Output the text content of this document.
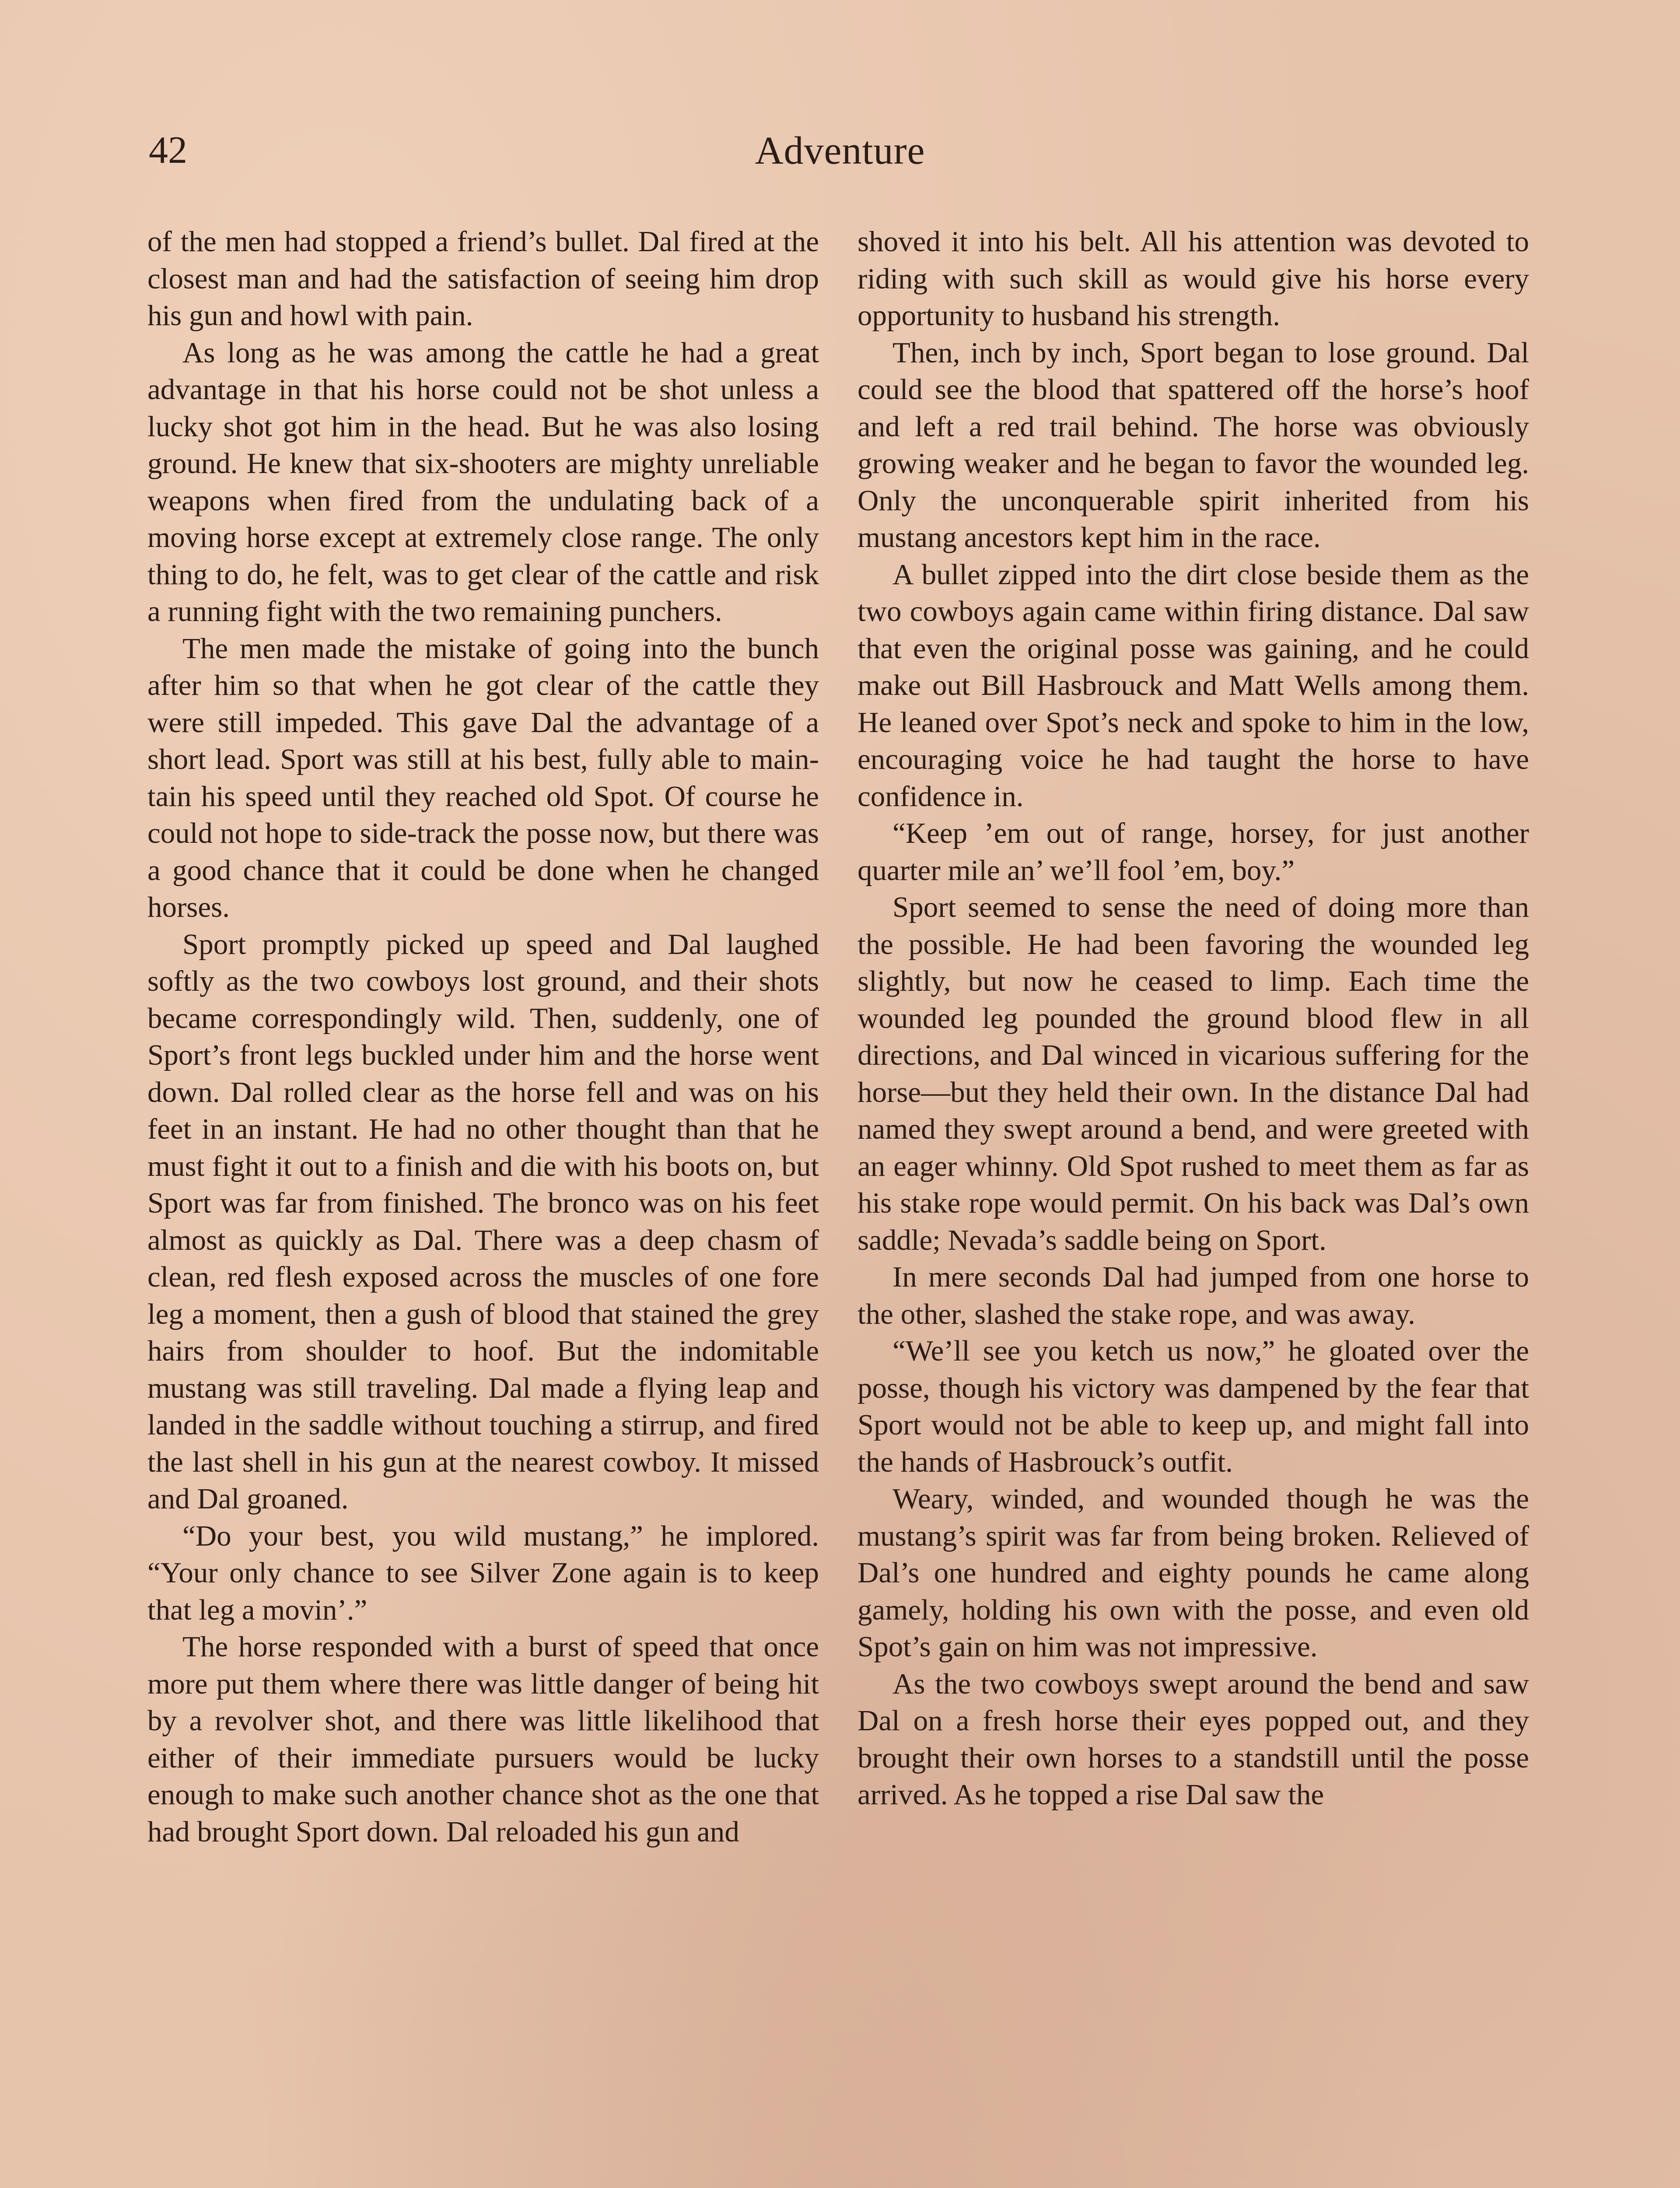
42	Adventure

of the men had stopped a friend’s bullet. Dal fired at the closest man and had the satisfaction of seeing him drop his gun and howl with pain.

As long as he was among the cattle he had a great advantage in that his horse could not be shot unless a lucky shot got him in the head. But he was also losing ground. He knew that six-shooters are mighty unreliable weapons when fired from the undulating back of a moving horse except at extremely close range. The only thing to do, he felt, was to get clear of the cattle and risk a running fight with the two remaining punchers.

The men made the mistake of going into the bunch after him so that when he got clear of the cattle they were still impeded. This gave Dal the advantage of a short lead. Sport was still at his best, fully able to maintain his speed until they reached old Spot. Of course he could not hope to side-track the posse now, but there was a good chance that it could be done when he changed horses.

Sport promptly picked up speed and Dal laughed softly as the two cowboys lost ground, and their shots became correspondingly wild. Then, suddenly, one of Sport’s front legs buckled under him and the horse went down. Dal rolled clear as the horse fell and was on his feet in an instant. He had no other thought than that he must fight it out to a finish and die with his boots on, but Sport was far from finished. The bronco was on his feet almost as quickly as Dal. There was a deep chasm of clean, red flesh exposed across the muscles of one fore leg a moment, then a gush of blood that stained the grey hairs from shoulder to hoof. But the indomitable mustang was still traveling. Dal made a flying leap and landed in the saddle without touching a stirrup, and fired the last shell in his gun at the nearest cowboy. It missed and Dal groaned.

“Do your best, you wild mustang,” he implored. “Your only chance to see Silver Zone again is to keep that leg a movin’.”

The horse responded with a burst of speed that once more put them where there was little danger of being hit by a revolver shot, and there was little likelihood that either of their immediate pursuers would be lucky enough to make such another chance shot as the one that had brought Sport down. Dal reloaded his gun and

shoved it into his belt. All his attention was devoted to riding with such skill as would give his horse every opportunity to husband his strength.

Then, inch by inch, Sport began to lose ground. Dal could see the blood that spattered off the horse’s hoof and left a red trail behind. The horse was obviously growing weaker and he began to favor the wounded leg. Only the unconquerable spirit inherited from his mustang ancestors kept him in the race.

A bullet zipped into the dirt close beside them as the two cowboys again came within firing distance. Dal saw that even the original posse was gaining, and he could make out Bill Hasbrouck and Matt Wells among them. He leaned over Spot’s neck and spoke to him in the low, encouraging voice he had taught the horse to have confidence in.

“Keep ’em out of range, horsey, for just another quarter mile an’ we’ll fool ’em, boy.”

Sport seemed to sense the need of doing more than the possible. He had been favoring the wounded leg slightly, but now he ceased to limp. Each time the wounded leg pounded the ground blood flew in all directions, and Dal winced in vicarious suffering for the horse—but they held their own. In the distance Dal had named they swept around a bend, and were greeted with an eager whinny. Old Spot rushed to meet them as far as his stake rope would permit. On his back was Dal’s own saddle; Nevada’s saddle being on Sport.

In mere seconds Dal had jumped from one horse to the other, slashed the stake rope, and was away.

“We’ll see you ketch us now,” he gloated over the posse, though his victory was dampened by the fear that Sport would not be able to keep up, and might fall into the hands of Hasbrouck’s outfit.

Weary, winded, and wounded though he was the mustang’s spirit was far from being broken. Relieved of Dal’s one hundred and eighty pounds he came along gamely, holding his own with the posse, and even old Spot’s gain on him was not impressive.

As the two cowboys swept around the bend and saw Dal on a fresh horse their eyes popped out, and they brought their own horses to a standstill until the posse arrived. As he topped a rise Dal saw the
